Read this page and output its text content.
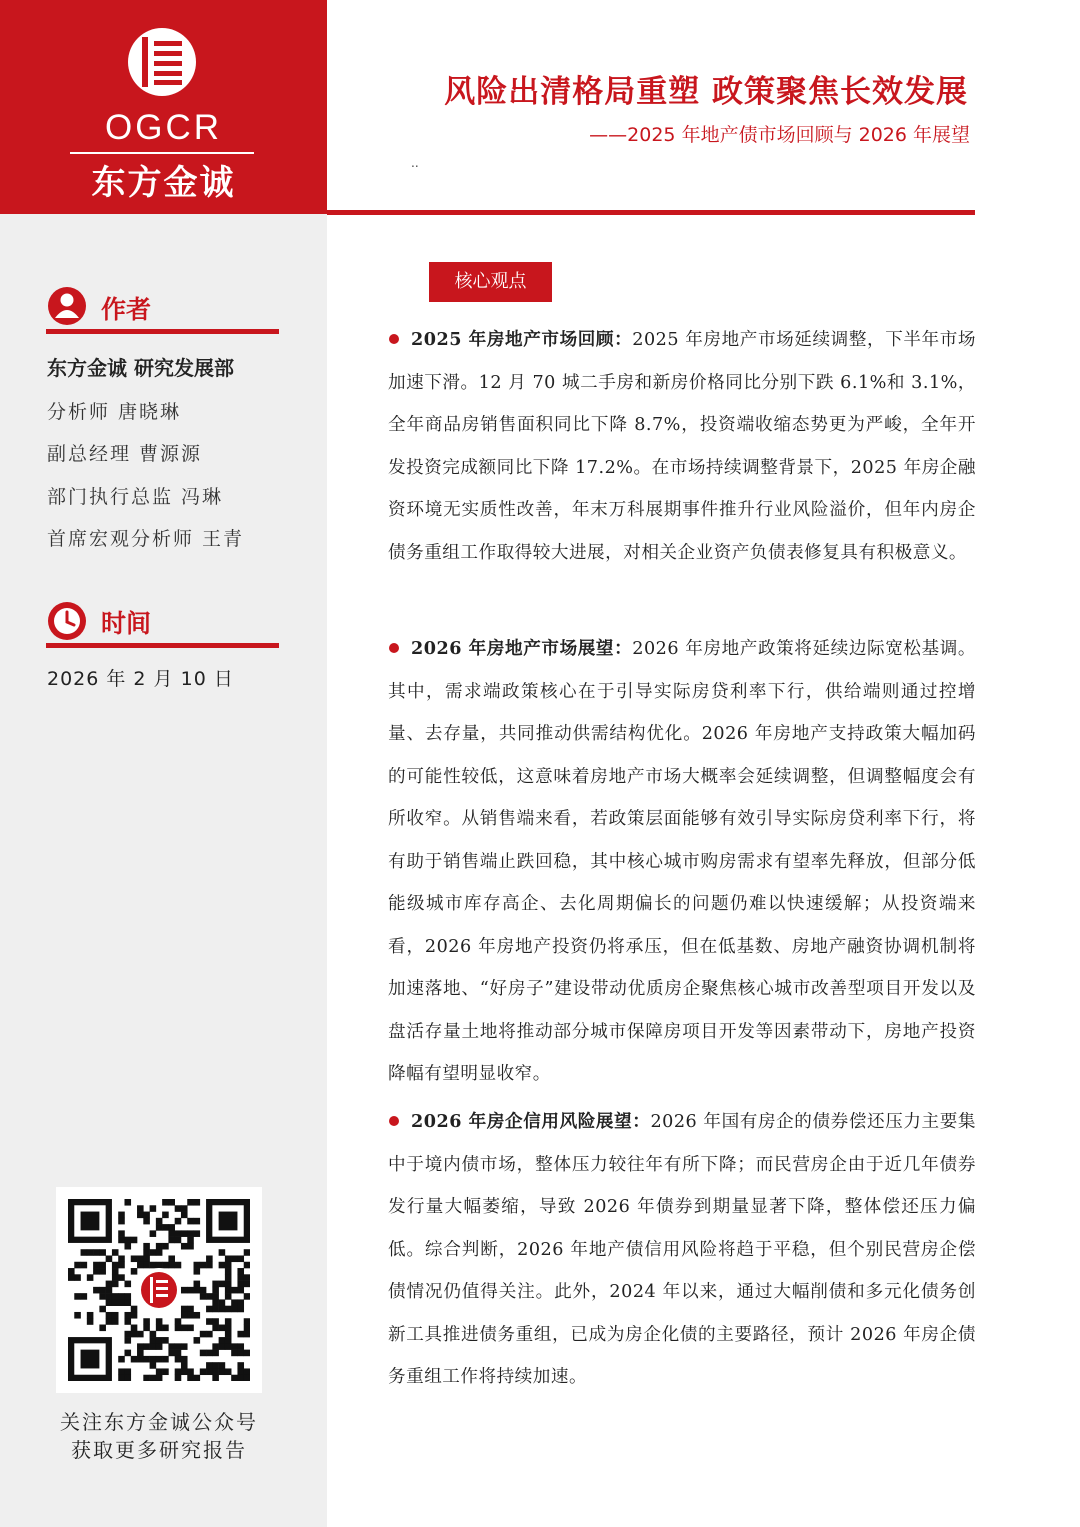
OGCR
东方金诚
作者
东方金诚 研究发展部
分析师 唐晓琳
副总经理 曹源源
部门执行总监 冯琳
首席宏观分析师 王青
时间
2026 年 2 月 10 日
关注东方金诚公众号
获取更多研究报告
风险出清格局重塑 政策聚焦长效发展
——2025 年地产债市场回顾与 2026 年展望
..
核心观点
2025 年房地产市场回顾：2025 年房地产市场延续调整，下半年市场加速下滑。12 月 70 城二手房和新房价格同比分别下跌 6.1%和 3.1%，全年商品房销售面积同比下降 8.7%，投资端收缩态势更为严峻，全年开发投资完成额同比下降 17.2%。在市场持续调整背景下，2025 年房企融资环境无实质性改善，年末万科展期事件推升行业风险溢价，但年内房企债务重组工作取得较大进展，对相关企业资产负债表修复具有积极意义。
2026 年房地产市场展望：2026 年房地产政策将延续边际宽松基调。其中，需求端政策核心在于引导实际房贷利率下行，供给端则通过控增量、去存量，共同推动供需结构优化。2026 年房地产支持政策大幅加码的可能性较低，这意味着房地产市场大概率会延续调整，但调整幅度会有所收窄。从销售端来看，若政策层面能够有效引导实际房贷利率下行，将有助于销售端止跌回稳，其中核心城市购房需求有望率先释放，但部分低能级城市库存高企、去化周期偏长的问题仍难以快速缓解；从投资端来看，2026 年房地产投资仍将承压，但在低基数、房地产融资协调机制将加速落地、“好房子”建设带动优质房企聚焦核心城市改善型项目开发以及盘活存量土地将推动部分城市保障房项目开发等因素带动下，房地产投资降幅有望明显收窄。
2026 年房企信用风险展望：2026 年国有房企的债券偿还压力主要集中于境内债市场，整体压力较往年有所下降；而民营房企由于近几年债券发行量大幅萎缩，导致 2026 年债券到期量显著下降，整体偿还压力偏低。综合判断，2026 年地产债信用风险将趋于平稳，但个别民营房企偿债情况仍值得关注。此外，2024 年以来，通过大幅削债和多元化债务创新工具推进债务重组，已成为房企化债的主要路径，预计 2026 年房企债务重组工作将持续加速。
